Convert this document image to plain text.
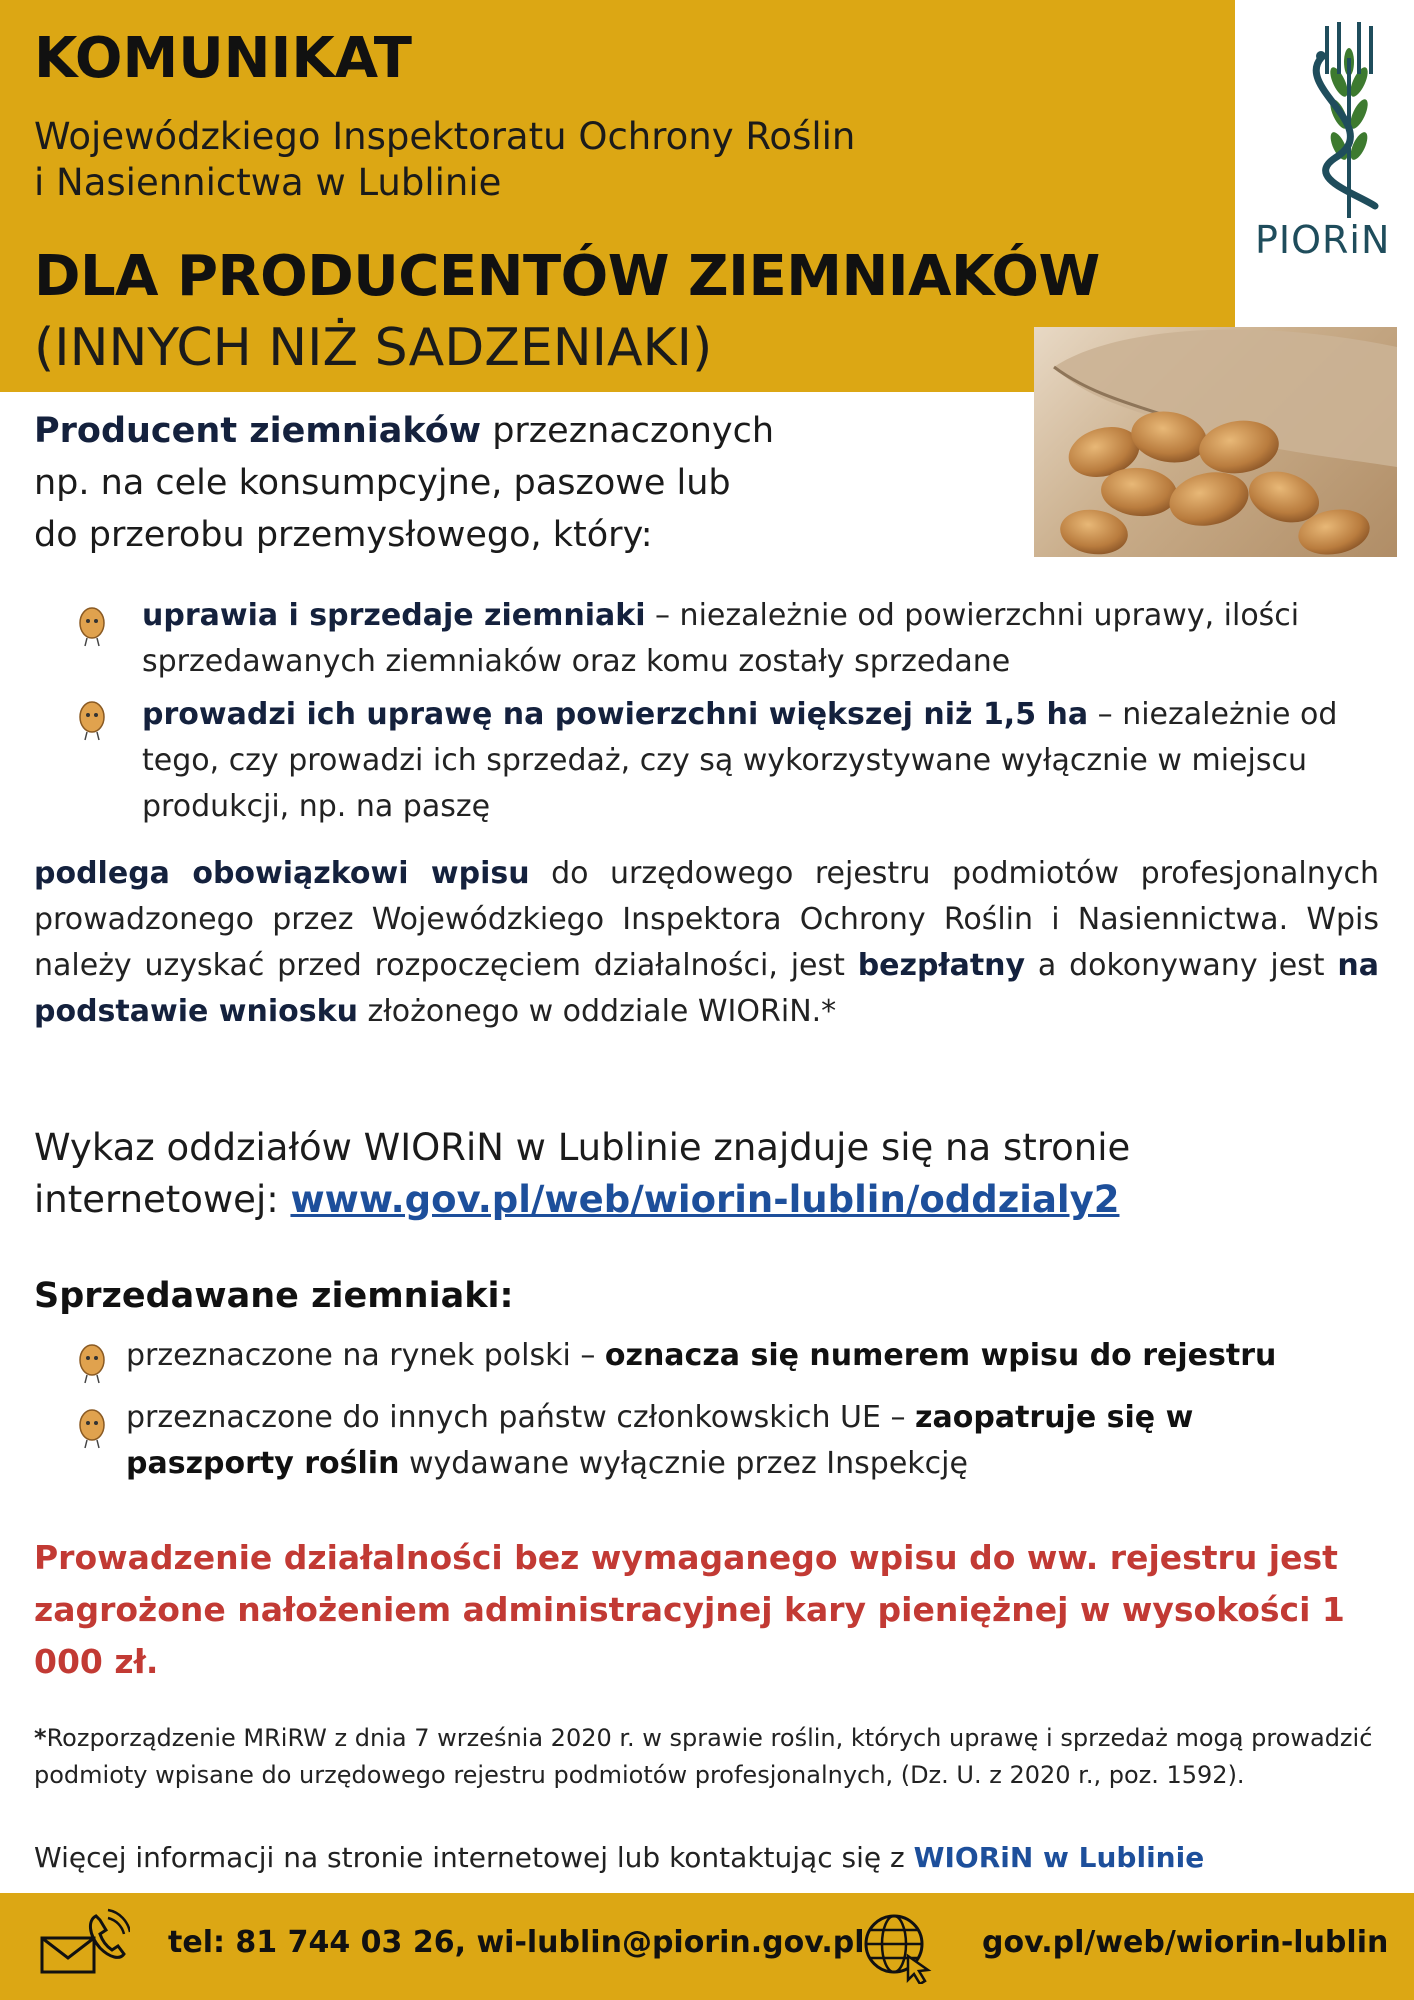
PIORiN
KOMUNIKAT
Wojewódzkiego Inspektoratu Ochrony Roślin
i Nasiennictwa w Lublinie
DLA PRODUCENTÓW ZIEMNIAKÓW
(INNYCH NIŻ SADZENIAKI)
Producent ziemniaków przeznaczonych
np. na cele konsumpcyjne, paszowe lub
do przerobu przemysłowego, który:

uprawia i sprzedaje ziemniaki – niezależnie od powierzchni uprawy, ilości sprzedawanych ziemniaków oraz komu zostały sprzedane

prowadzi ich uprawę na powierzchni większej niż 1,5 ha – niezależnie od tego, czy prowadzi ich sprzedaż, czy są wykorzystywane wyłącznie w miejscu produkcji, np. na paszę

podlega obowiązkowi wpisu do urzędowego rejestru podmiotów profesjonalnych prowadzonego przez Wojewódzkiego Inspektora Ochrony Roślin i Nasiennictwa. Wpis należy uzyskać przed rozpoczęciem działalności, jest bezpłatny a dokonywany jest na podstawie wniosku złożonego w oddziale WIORiN.*

Wykaz oddziałów WIORiN w Lublinie znajduje się na stronie internetowej: www.gov.pl/web/wiorin-lublin/oddzialy2

Sprzedawane ziemniaki:

przeznaczone na rynek polski – oznacza się numerem wpisu do rejestru

przeznaczone do innych państw członkowskich UE – zaopatruje się w paszporty roślin wydawane wyłącznie przez Inspekcję

Prowadzenie działalności bez wymaganego wpisu do ww. rejestru jest zagrożone nałożeniem administracyjnej kary pieniężnej w wysokości 1 000 zł.

*Rozporządzenie MRiRW z dnia 7 września 2020 r. w sprawie roślin, których uprawę i sprzedaż mogą prowadzić podmioty wpisane do urzędowego rejestru podmiotów profesjonalnych, (Dz. U. z 2020 r., poz. 1592).

Więcej informacji na stronie internetowej lub kontaktując się z WIORiN w Lublinie

tel: 81 744 03 26, wi-lublin@piorin.gov.pl	gov.pl/web/wiorin-lublin
